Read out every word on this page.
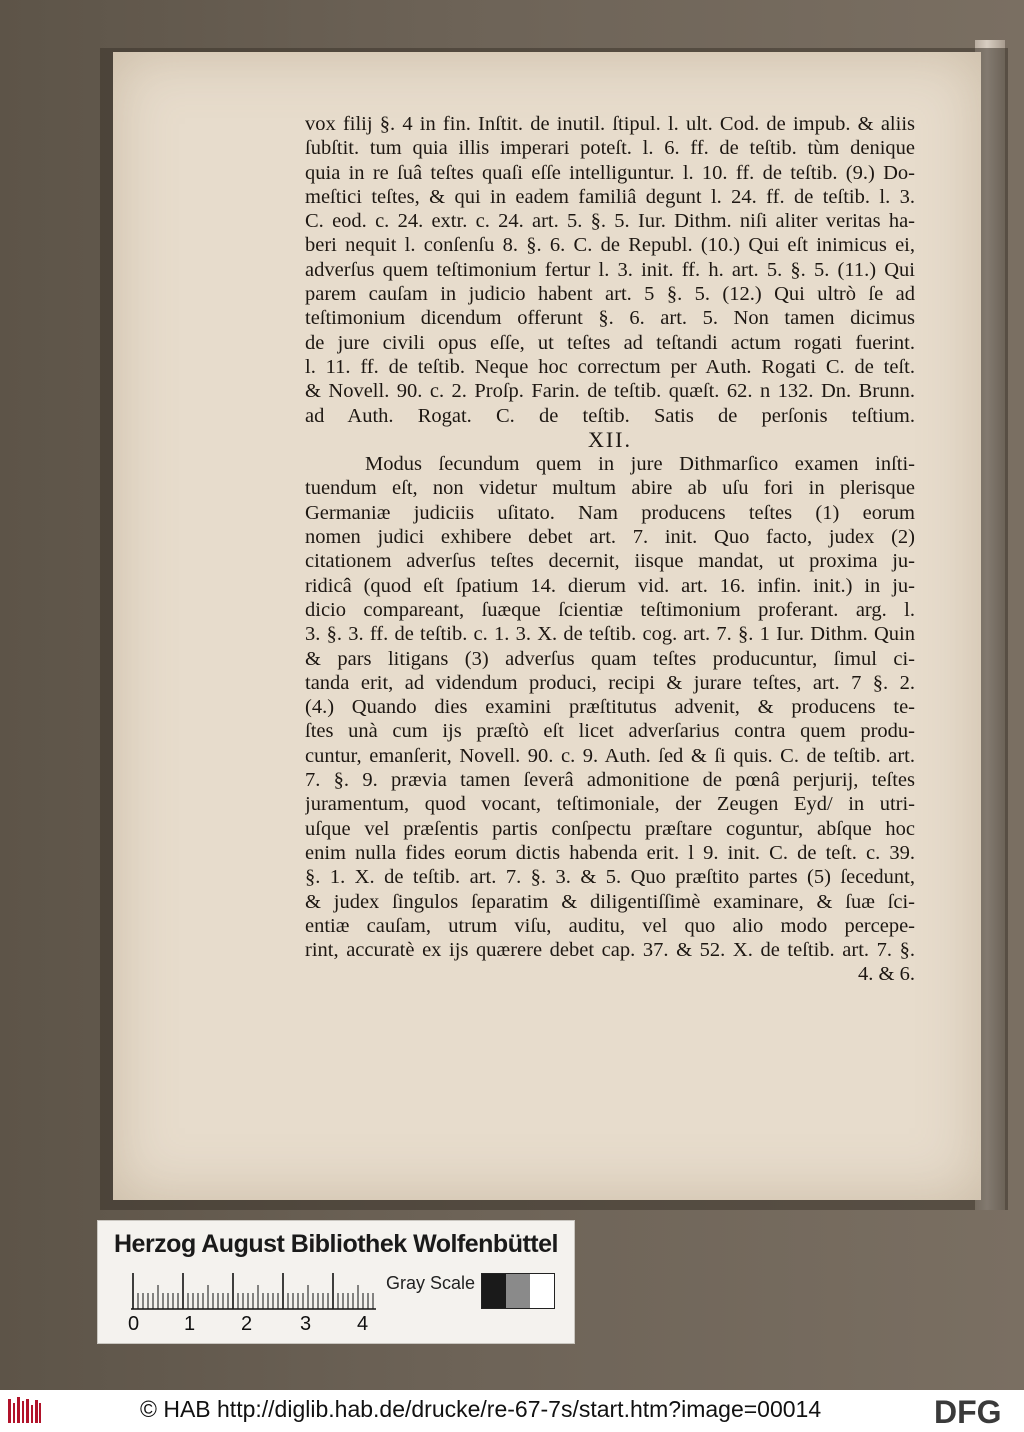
vox filij §. 4 in fin. Inſtit. de inutil. ſtipul. l. ult. Cod. de impub. & aliis
ſubſtit. tum quia illis imperari poteſt. l. 6. ff. de teſtib. tùm denique
quia in re ſuâ teſtes quaſi eſſe intelliguntur. l. 10. ff. de teſtib. (9.) Do-
meſtici teſtes, & qui in eadem familiâ degunt l. 24. ff. de teſtib. l. 3.
C. eod. c. 24. extr. c. 24. art. 5. §. 5. Iur. Dithm. niſi aliter veritas ha-
beri nequit l. conſenſu 8. §. 6. C. de Republ. (10.) Qui eſt inimicus ei,
adverſus quem teſtimonium fertur l. 3. init. ff. h. art. 5. §. 5. (11.) Qui
parem cauſam in judicio habent art. 5 §. 5. (12.) Qui ultrò ſe ad
teſtimonium dicendum offerunt §. 6. art. 5. Non tamen dicimus
de jure civili opus eſſe, ut teſtes ad teſtandi actum rogati fuerint.
l. 11. ff. de teſtib. Neque hoc correctum per Auth. Rogati C. de teſt.
& Novell. 90. c. 2. Proſp. Farin. de teſtib. quæſt. 62. n 132. Dn. Brunn.
ad Auth. Rogat. C. de teſtib. Satis de perſonis teſtium.
XII.
Modus ſecundum quem in jure Dithmarſico examen inſti-
tuendum eſt, non videtur multum abire ab uſu fori in plerisque
Germaniæ judiciis uſitato. Nam producens teſtes (1) eorum
nomen judici exhibere debet art. 7. init. Quo facto, judex (2)
citationem adverſus teſtes decernit, iisque mandat, ut proxima ju-
ridicâ (quod eſt ſpatium 14. dierum vid. art. 16. infin. init.) in ju-
dicio compareant, ſuæque ſcientiæ teſtimonium proferant. arg. l.
3. §. 3. ff. de teſtib. c. 1. 3. X. de teſtib. cog. art. 7. §. 1 Iur. Dithm. Quin
& pars litigans (3) adverſus quam teſtes producuntur, ſimul ci-
tanda erit, ad videndum produci, recipi & jurare teſtes, art. 7 §. 2.
(4.) Quando dies examini præſtitutus advenit, & producens te-
ſtes unà cum ijs præſtò eſt licet adverſarius contra quem produ-
cuntur, emanſerit, Novell. 90. c. 9. Auth. ſed & ſi quis. C. de teſtib. art.
7. §. 9. prævia tamen ſeverâ admonitione de pœnâ perjurij, teſtes
juramentum, quod vocant, teſtimoniale, der Zeugen Eyd/ in utri-
uſque vel præſentis partis conſpectu præſtare coguntur, abſque hoc
enim nulla fides eorum dictis habenda erit. l 9. init. C. de teſt. c. 39.
§. 1. X. de teſtib. art. 7. §. 3. & 5. Quo præſtito partes (5) ſecedunt,
& judex ſingulos ſeparatim & diligentiſſimè examinare, & ſuæ ſci-
entiæ cauſam, utrum viſu, auditu, vel quo alio modo percepe-
rint, accuratè ex ijs quærere debet cap. 37. & 52. X. de teſtib. art. 7. §.
4. & 6.
Herzog August Bibliothek Wolfenbüttel
0 1 2 3 4
Gray Scale
© HAB http://diglib.hab.de/drucke/re-67-7s/start.htm?image=00014	DFG
